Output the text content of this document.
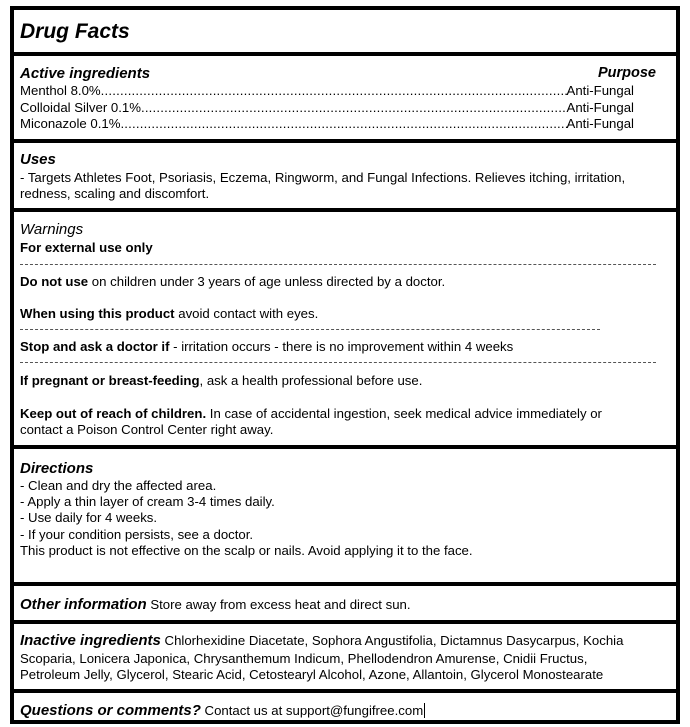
Drug Facts
Active ingredients	Purpose
Menthol 8.0% .....	Anti-Fungal
Colloidal Silver 0.1% .....	Anti-Fungal
Miconazole 0.1% .....	Anti-Fungal
Uses
- Targets Athletes Foot, Psoriasis, Eczema, Ringworm, and Fungal Infections. Relieves itching, irritation,
redness, scaling and discomfort.
Warnings
For external use only
Do not use on children under 3 years of age unless directed by a doctor.
When using this product avoid contact with eyes.
Stop and ask a doctor if - irritation occurs - there is no improvement within 4 weeks
If pregnant or breast-feeding, ask a health professional before use.
Keep out of reach of children. In case of accidental ingestion, seek medical advice immediately or
contact a Poison Control Center right away.
Directions
- Clean and dry the affected area.
- Apply a thin layer of cream 3-4 times daily.
- Use daily for 4 weeks.
- If your condition persists, see a doctor.
This product is not effective on the scalp or nails. Avoid applying it to the face.
Other information Store away from excess heat and direct sun.
Inactive ingredients Chlorhexidine Diacetate, Sophora Angustifolia, Dictamnus Dasycarpus, Kochia
Scoparia, Lonicera Japonica, Chrysanthemum Indicum, Phellodendron Amurense, Cnidii Fructus,
Petroleum Jelly, Glycerol, Stearic Acid, Cetostearyl Alcohol, Azone, Allantoin, Glycerol Monostearate
Questions or comments? Contact us at support@fungifree.com
